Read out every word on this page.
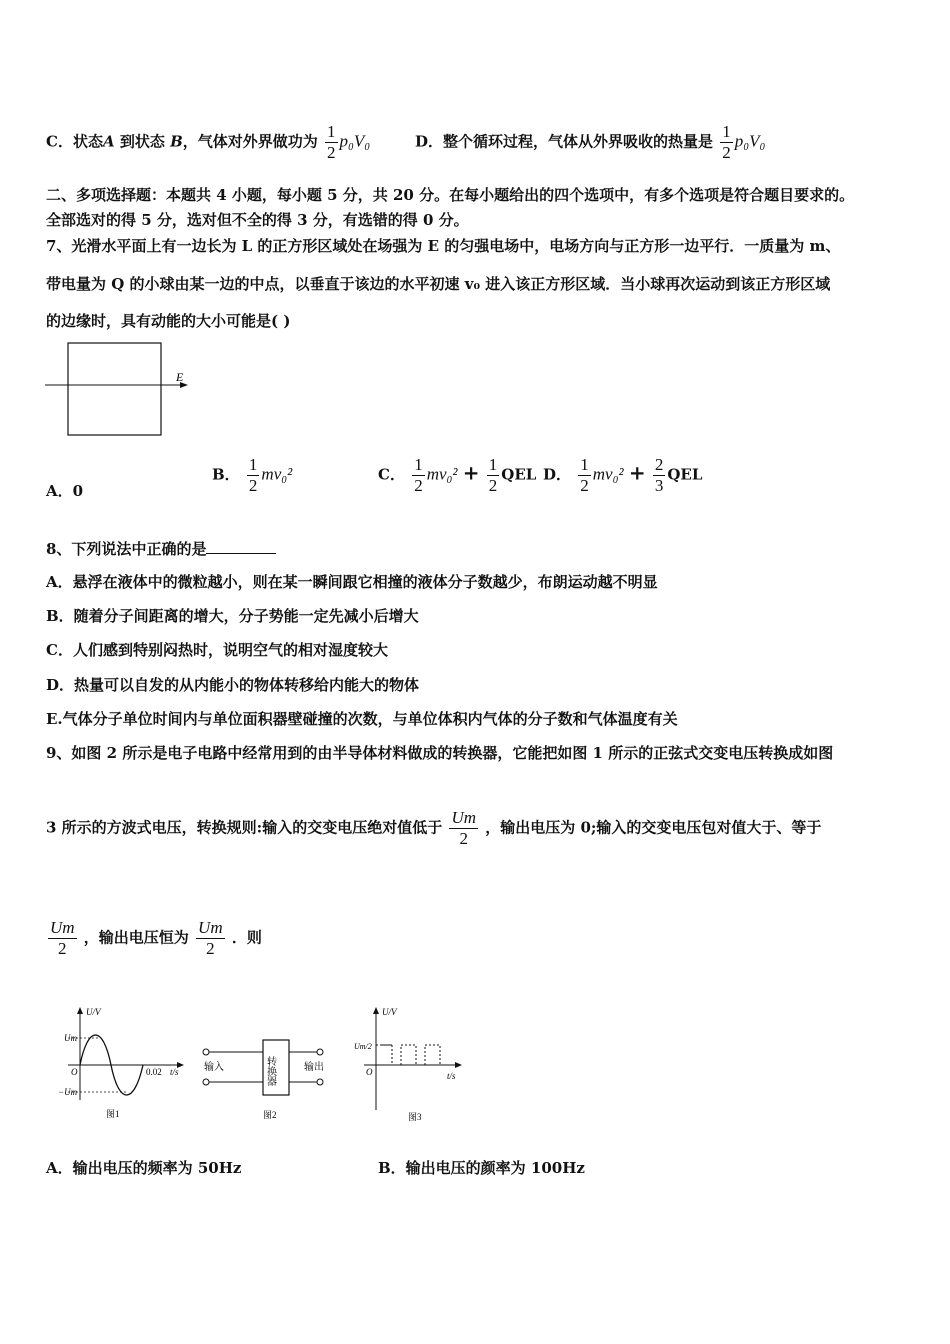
C．状态A 到状态 B，气体对外界做功为 $\frac{1}{2} p_0V_0$	D．整个循环过程，气体从外界吸收的热量是 $\frac{1}{2} p_0V_0$
二、多项选择题：本题共 4 小题，每小题 5 分，共 20 分。在每小题给出的四个选项中，有多个选项是符合题目要求的。
全部选对的得 5 分，选对但不全的得 3 分，有选错的得 0 分。
7、光滑水平面上有一边长为 L 的正方形区域处在场强为 E 的匀强电场中，电场方向与正方形一边平行．一质量为 m、
带电量为 Q 的小球由某一边的中点，以垂直于该边的水平初速 v₀ 进入该正方形区域．当小球再次运动到该正方形区域
的边缘时，具有动能的大小可能是( )
E
A．0
B． $\frac{1}{2} mv_0^2$	C． $\frac{1}{2} mv_0^2 + \frac{1}{2}$ QEL D． $\frac{1}{2} mv_0^2 + \frac{2}{3}$ QEL
8、下列说法中正确的是
A．悬浮在液体中的微粒越小，则在某一瞬间跟它相撞的液体分子数越少，布朗运动越不明显
B．随着分子间距离的增大，分子势能一定先减小后增大
C．人们感到特别闷热时，说明空气的相对湿度较大
D．热量可以自发的从内能小的物体转移给内能大的物体
E.气体分子单位时间内与单位面积器壁碰撞的次数，与单位体积内气体的分子数和气体温度有关
9、如图 2 所示是电子电路中经常用到的由半导体材料做成的转换器，它能把如图 1 所示的正弦式交变电压转换成如图
3 所示的方波式电压，转换规则:输入的交变电压绝对值低于 $\frac{Um}{2}$ ，输出电压为 0;输入的交变电压包对值大于、等于
$\frac{Um}{2}$ ，输出电压恒为 $\frac{Um}{2}$ ．则
U/V
Um
−Um
O	0.02 t/s
图1
转换器
输入	输出
图2
U/V
Um/2
O	t/s
图3
A．输出电压的频率为 50Hz	B．输出电压的颜率为 100Hz
